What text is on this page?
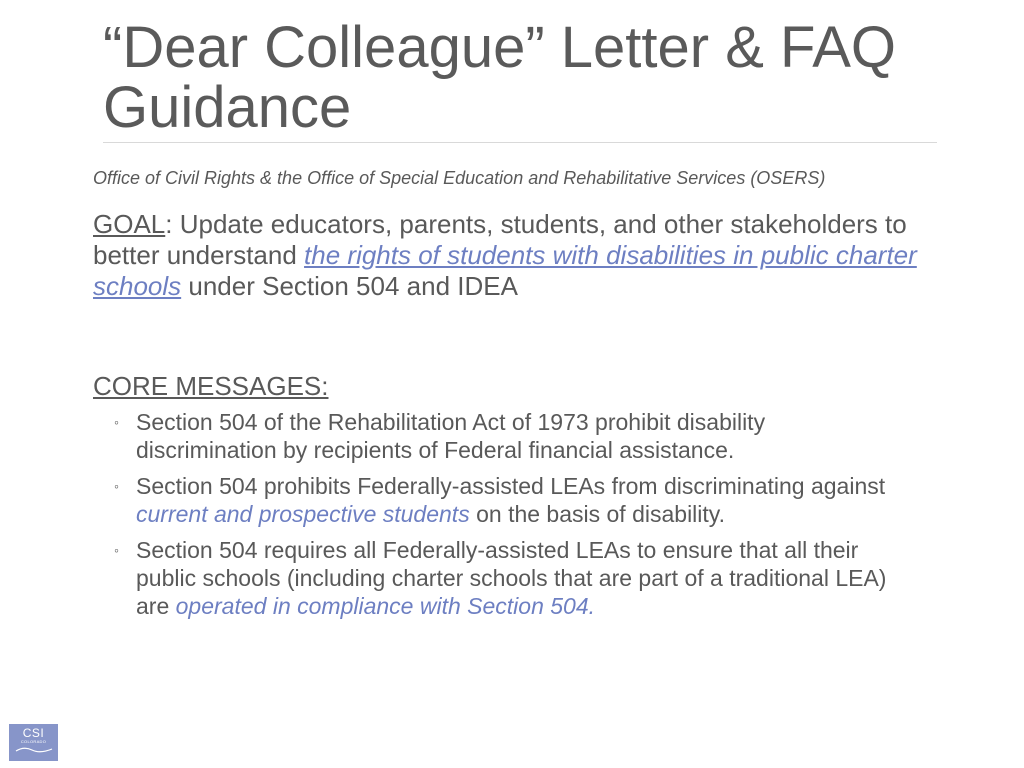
“Dear Colleague” Letter & FAQ Guidance

Office of Civil Rights & the Office of Special Education and Rehabilitative Services (OSERS)

GOAL: Update educators, parents, students, and other stakeholders to better understand the rights of students with disabilities in public charter schools under Section 504 and IDEA

CORE MESSAGES:

◦ Section 504 of the Rehabilitation Act of 1973 prohibit disability discrimination by recipients of Federal financial assistance.
◦ Section 504 prohibits Federally-assisted LEAs from discriminating against current and prospective students on the basis of disability.
◦ Section 504 requires all Federally-assisted LEAs to ensure that all their public schools (including charter schools that are part of a traditional LEA) are operated in compliance with Section 504.
CSI
COLORADO
